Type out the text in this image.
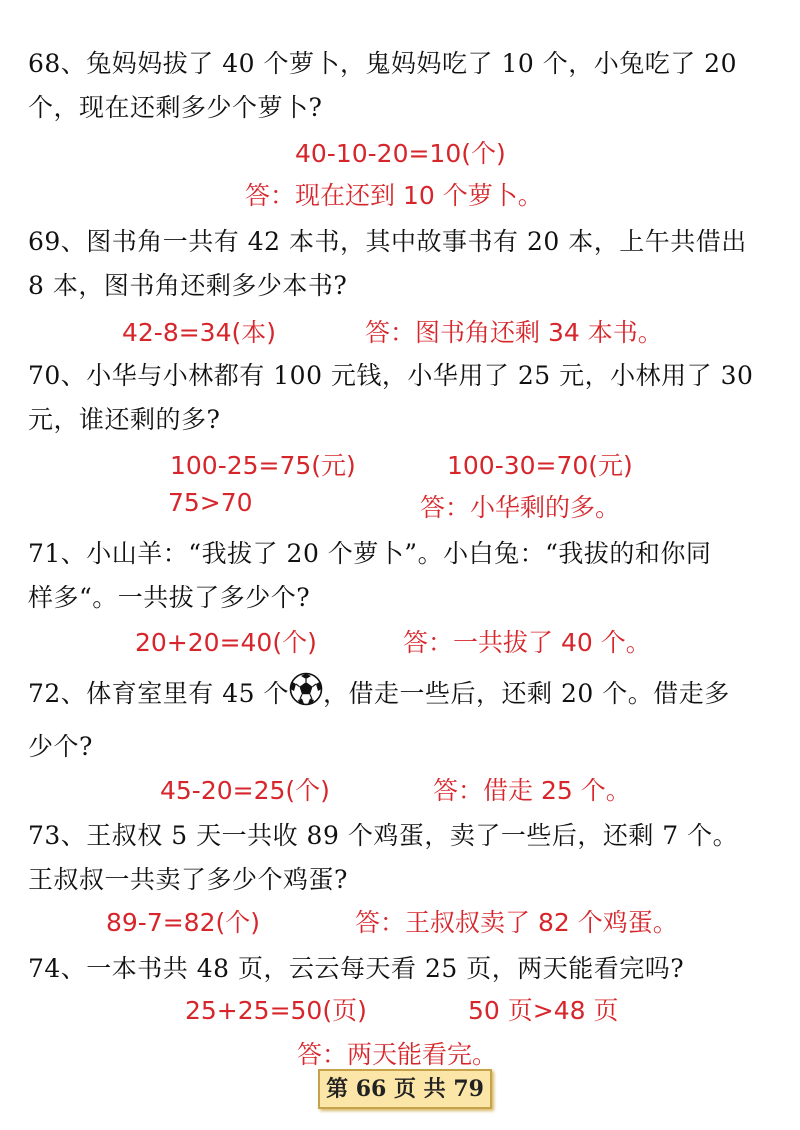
68、兔妈妈拔了 40 个萝卜，鬼妈妈吃了 10 个，小兔吃了 20
个，现在还剩多少个萝卜?
40-10-20=10(个)
答：现在还到 10 个萝卜。
69、图书角一共有 42 本书，其中故事书有 20 本，上午共借出
8 本，图书角还剩多少本书?
42-8=34(本)	答：图书角还剩 34 本书。
70、小华与小林都有 100 元钱，小华用了 25 元，小林用了 30
元，谁还剩的多?
100-25=75(元)	100-30=70(元)
75>70	答：小华剩的多。
71、小山羊：“我拔了 20 个萝卜”。小白兔：“我拔的和你同
样多“。一共拔了多少个?
20+20=40(个)	答：一共拔了 40 个。
72、体育室里有 45 个 ，借走一些后，还剩 20 个。借走多
少个?
45-20=25(个)	答：借走 25 个。
73、王叔权 5 天一共收 89 个鸡蛋，卖了一些后，还剩 7 个。
王叔叔一共卖了多少个鸡蛋?
89-7=82(个)	答：王叔叔卖了 82 个鸡蛋。
74、一本书共 48 页，云云每天看 25 页，两天能看完吗?
25+25=50(页)	50 页>48 页
答：两天能看完。
第 66 页 共 79
